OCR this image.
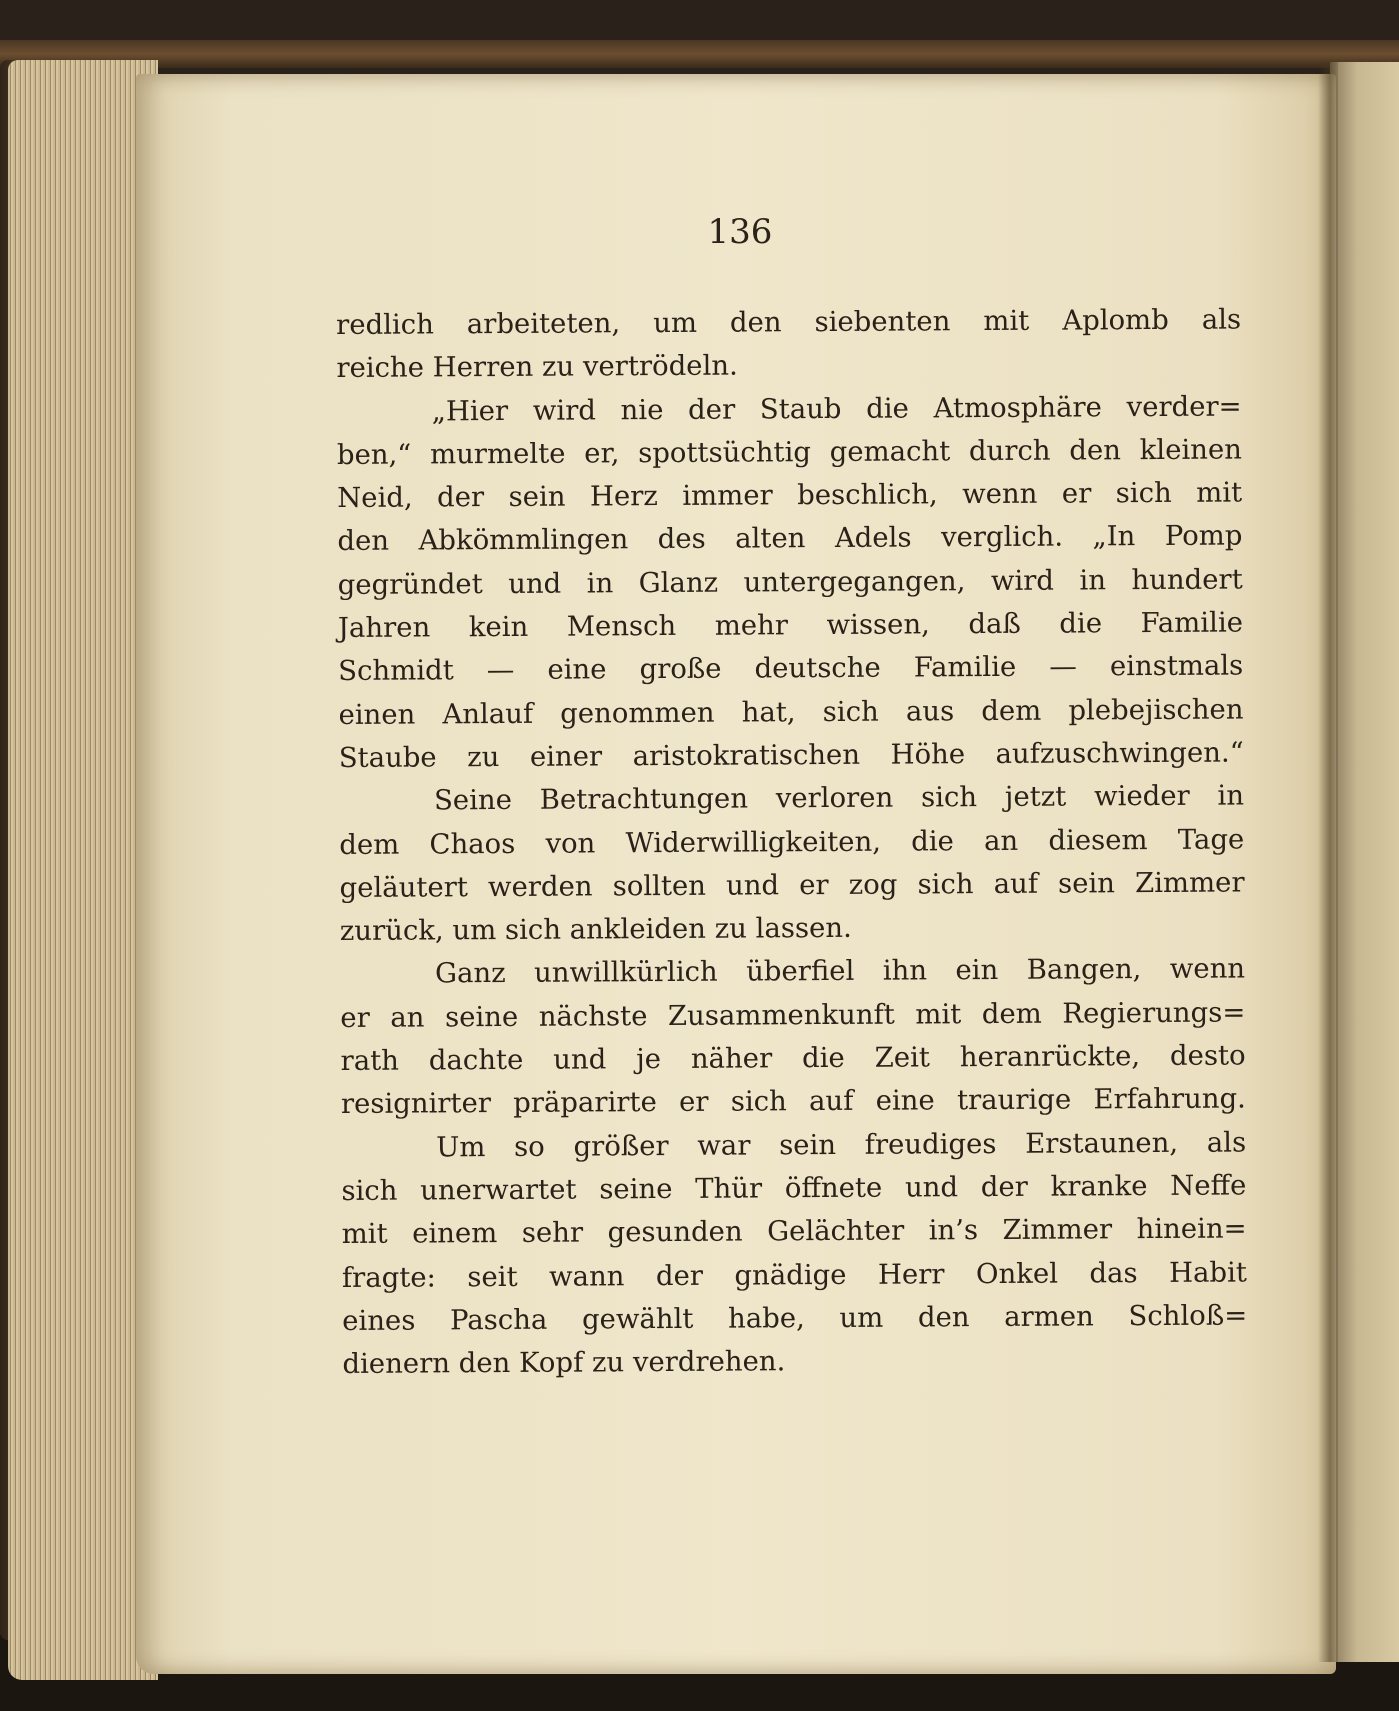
136
redlich arbeiteten, um den siebenten mit Aplomb als
reiche Herren zu vertrödeln.
„Hier wird nie der Staub die Atmosphäre verder=
ben,“ murmelte er, spottsüchtig gemacht durch den kleinen
Neid, der sein Herz immer beschlich, wenn er sich mit
den Abkömmlingen des alten Adels verglich. „In Pomp
gegründet und in Glanz untergegangen, wird in hundert
Jahren kein Mensch mehr wissen, daß die Familie
Schmidt — eine große deutsche Familie — einstmals
einen Anlauf genommen hat, sich aus dem plebejischen
Staube zu einer aristokratischen Höhe aufzuschwingen.“
Seine Betrachtungen verloren sich jetzt wieder in
dem Chaos von Widerwilligkeiten, die an diesem Tage
geläutert werden sollten und er zog sich auf sein Zimmer
zurück, um sich ankleiden zu lassen.
Ganz unwillkürlich überfiel ihn ein Bangen, wenn
er an seine nächste Zusammenkunft mit dem Regierungs=
rath dachte und je näher die Zeit heranrückte, desto
resignirter präparirte er sich auf eine traurige Erfahrung.
Um so größer war sein freudiges Erstaunen, als
sich unerwartet seine Thür öffnete und der kranke Neffe
mit einem sehr gesunden Gelächter in’s Zimmer hinein=
fragte: seit wann der gnädige Herr Onkel das Habit
eines Pascha gewählt habe, um den armen Schloß=
dienern den Kopf zu verdrehen.
